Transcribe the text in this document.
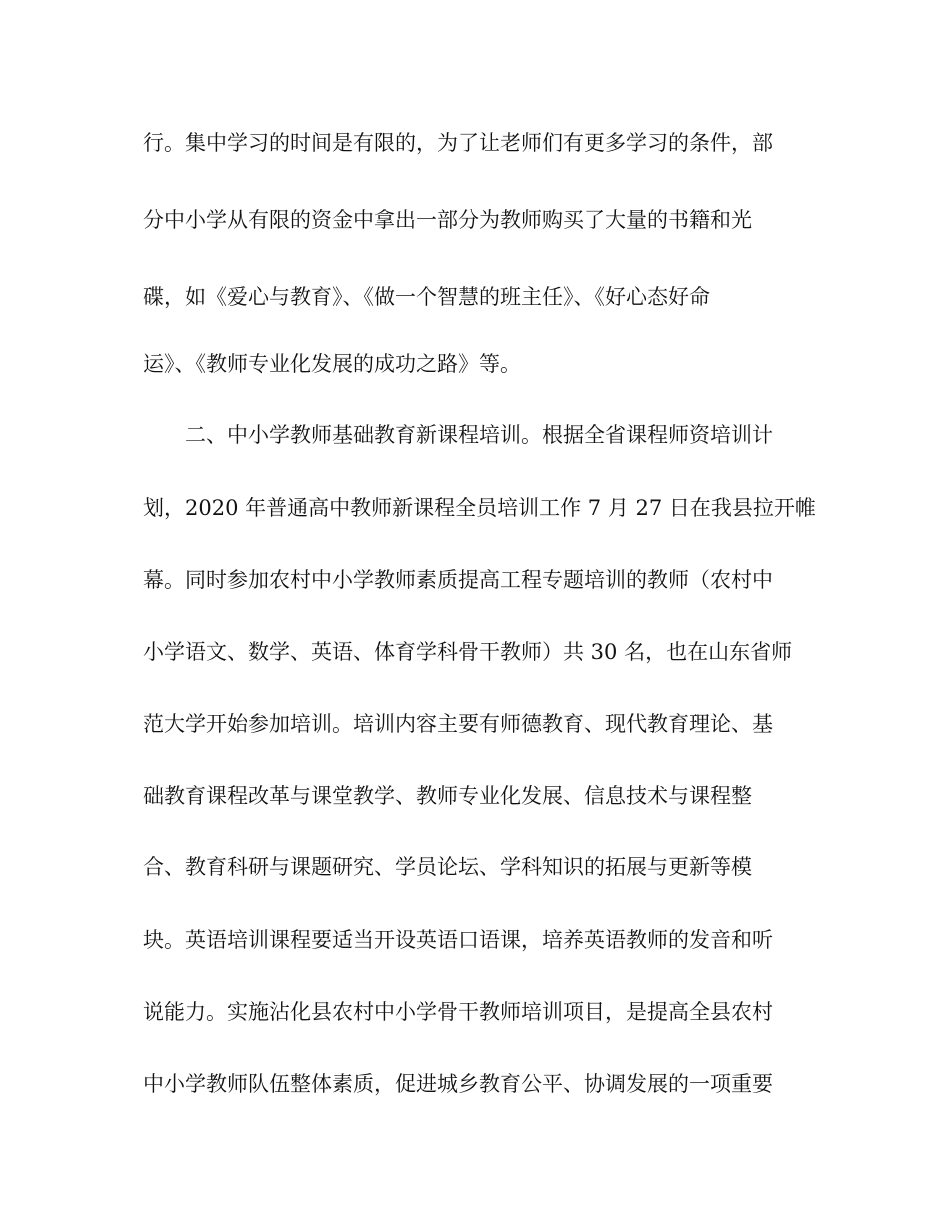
行。集中学习的时间是有限的，为了让老师们有更多学习的条件，部
分中小学从有限的资金中拿出一部分为教师购买了大量的书籍和光
碟，如《爱心与教育》、《做一个智慧的班主任》、《好心态好命
运》、《教师专业化发展的成功之路》等。
二、中小学教师基础教育新课程培训。根据全省课程师资培训计
划，2020 年普通高中教师新课程全员培训工作 7 月 27 日在我县拉开帷
幕。同时参加农村中小学教师素质提高工程专题培训的教师（农村中
小学语文、数学、英语、体育学科骨干教师）共 30 名，也在山东省师
范大学开始参加培训。培训内容主要有师德教育、现代教育理论、基
础教育课程改革与课堂教学、教师专业化发展、信息技术与课程整
合、教育科研与课题研究、学员论坛、学科知识的拓展与更新等模
块。英语培训课程要适当开设英语口语课，培养英语教师的发音和听
说能力。实施沾化县农村中小学骨干教师培训项目，是提高全县农村
中小学教师队伍整体素质，促进城乡教育公平、协调发展的一项重要
